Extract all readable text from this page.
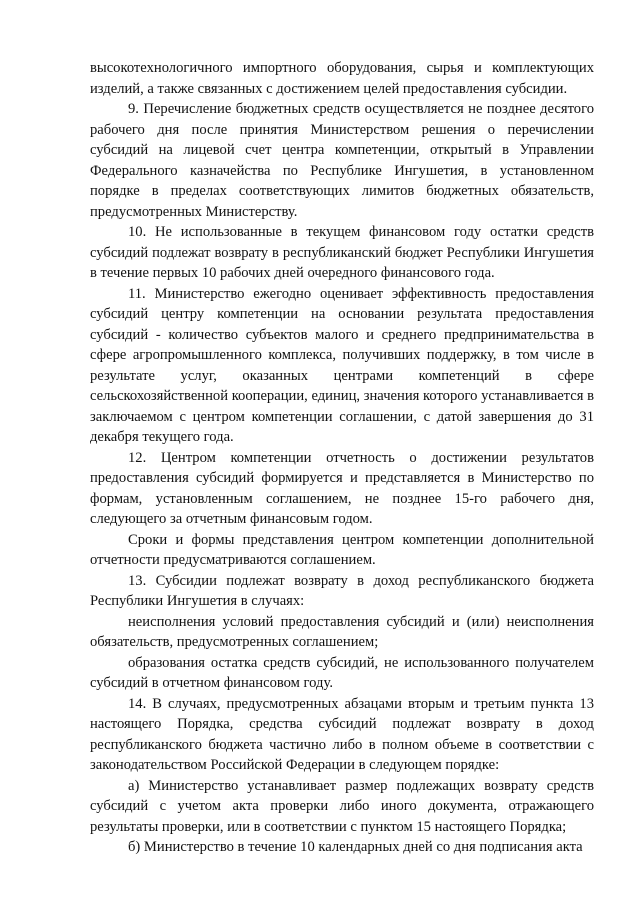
высокотехнологичного импортного оборудования, сырья и комплектующих изделий, а также связанных с достижением целей предоставления субсидии.

9. Перечисление бюджетных средств осуществляется не позднее десятого рабочего дня после принятия Министерством решения о перечислении субсидий на лицевой счет центра компетенции, открытый в Управлении Федерального казначейства по Республике Ингушетия, в установленном порядке в пределах соответствующих лимитов бюджетных обязательств, предусмотренных Министерству.

10. Не использованные в текущем финансовом году остатки средств субсидий подлежат возврату в республиканский бюджет Республики Ингушетия в течение первых 10 рабочих дней очередного финансового года.

11. Министерство ежегодно оценивает эффективность предоставления субсидий центру компетенции на основании результата предоставления субсидий - количество субъектов малого и среднего предпринимательства в сфере агропромышленного комплекса, получивших поддержку, в том числе в результате услуг, оказанных центрами компетенций в сфере сельскохозяйственной кооперации, единиц, значения которого устанавливается в заключаемом с центром компетенции соглашении, с датой завершения до 31 декабря текущего года.

12. Центром компетенции отчетность о достижении результатов предоставления субсидий формируется и представляется в Министерство по формам, установленным соглашением, не позднее 15-го рабочего дня, следующего за отчетным финансовым годом.

Сроки и формы представления центром компетенции дополнительной отчетности предусматриваются соглашением.

13. Субсидии подлежат возврату в доход республиканского бюджета Республики Ингушетия в случаях:

неисполнения условий предоставления субсидий и (или) неисполнения обязательств, предусмотренных соглашением;

образования остатка средств субсидий, не использованного получателем субсидий в отчетном финансовом году.

14. В случаях, предусмотренных абзацами вторым и третьим пункта 13 настоящего Порядка, средства субсидий подлежат возврату в доход республиканского бюджета частично либо в полном объеме в соответствии с законодательством Российской Федерации в следующем порядке:

а) Министерство устанавливает размер подлежащих возврату средств субсидий с учетом акта проверки либо иного документа, отражающего результаты проверки, или в соответствии с пунктом 15 настоящего Порядка;

б) Министерство в течение 10 календарных дней со дня подписания акта
